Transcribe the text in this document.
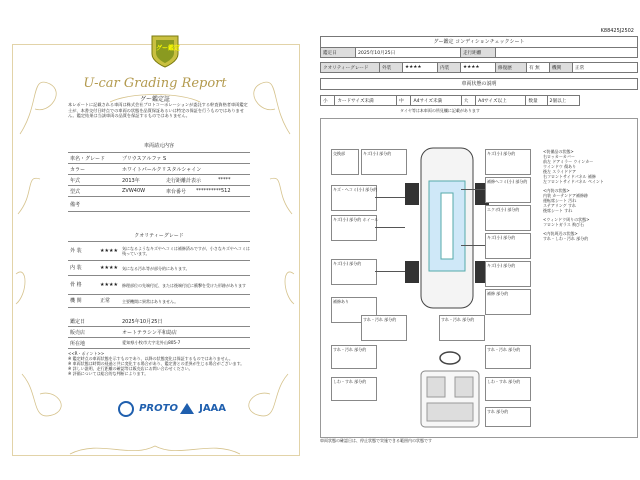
グー鑑定
U-car Grading Report
グー鑑定証
本レポートに記載される車両は株式会社プロトコーポレーションが委託する幹査資格者車両鑑定士が、本書交付日時点での車両の状態を品質保証あるいは特定の保証を行うものではありません。鑑定結果は当該車両の品質を保証するものではありません。
車両請元内容
車名・グレード	プリウスアルファ S
カラー	ホワイトパールクリスタルシャイン
年式	2013年	走行距離計表示	*****
型式	ZVW40W	車台番号	**********512
備考
クオリティーグレード
外 装	★★★★	気になるようなキズやヘコミは補修済みですが、小さなキズやヘコミは残っています。
内 装	★★★★	気になる汚れ等が部分的にあります。
骨 格	★★★★	修理部位の先端付近、または後端付近に衝撃を受けた形跡があります
機 関	正常	主要機関に異常はありません。
鑑定日	2025年10月25日
販売店	オートテラシン平和島店
所在地	愛知県小牧市大字北外山805-7
<<R・ポイント>>
※ 鑑定時点の車両状態を示すものであり、以降の状態変化は保証するものではありません。
※ 車両状態は時間の経過と共に変化する場合があり、鑑定書との差異が生じる場合がございます。
※ 詳しい説明、走行距離の確認等は販売店にお問い合わせください。
※ 評価については総合的な判断によります。
PROTO	JAAA
K88425J2502
グー鑑定 コンディションチェックシート
鑑定日	2025年10月25日	走行距離	
クオリティーグレード	外装	★★★★	内装	★★★★	修復歴	有 無	機関	正常
車両状態の説明
小	カードサイズ未満	中	A4サイズ未満	大	A4サイズ以上	数量	2個以上
タイヤ等は本車両の所見欄に記載があります
交換部	キズ(小) 部分的
キズ・ヘコミ(小) 部分的
キズ(小) 部分的 ホイール
キズ(小) 部分的
補修あり
すれ・汚れ 部分的
キズ(小) 部分的
補修ヘコミ(小) 部分的
エクボ(小) 部分的
キズ(小) 部分的
キズ(小) 部分的
補修 部分的
すれ・汚れ 部分的
すれ・汚れ 部分的	すれ・汚れ 部分的
しわ・すれ 部分的	しわ・すれ 部分的
すれ 部分的
<装備品の状態>
右ロッカーカバー
前左 ドアミラー ウインカー
ウインドウ 傷あり
後左 スライドドア
右フロントサイドパネル 補修
左フロントサイドパネル ペイント
<内装の状態>
内装 カーテンドア補修跡
運転席シート 汚れ
ステアリング すれ
後席シート すれ
<ウィンドウ周りの状態>
フロントガラス 飛び石
<内装周辺の状態>
すれ・しわ・汚れ 部分的
車両状態の確認日は、停止状態で実施できる範囲内の状態です
